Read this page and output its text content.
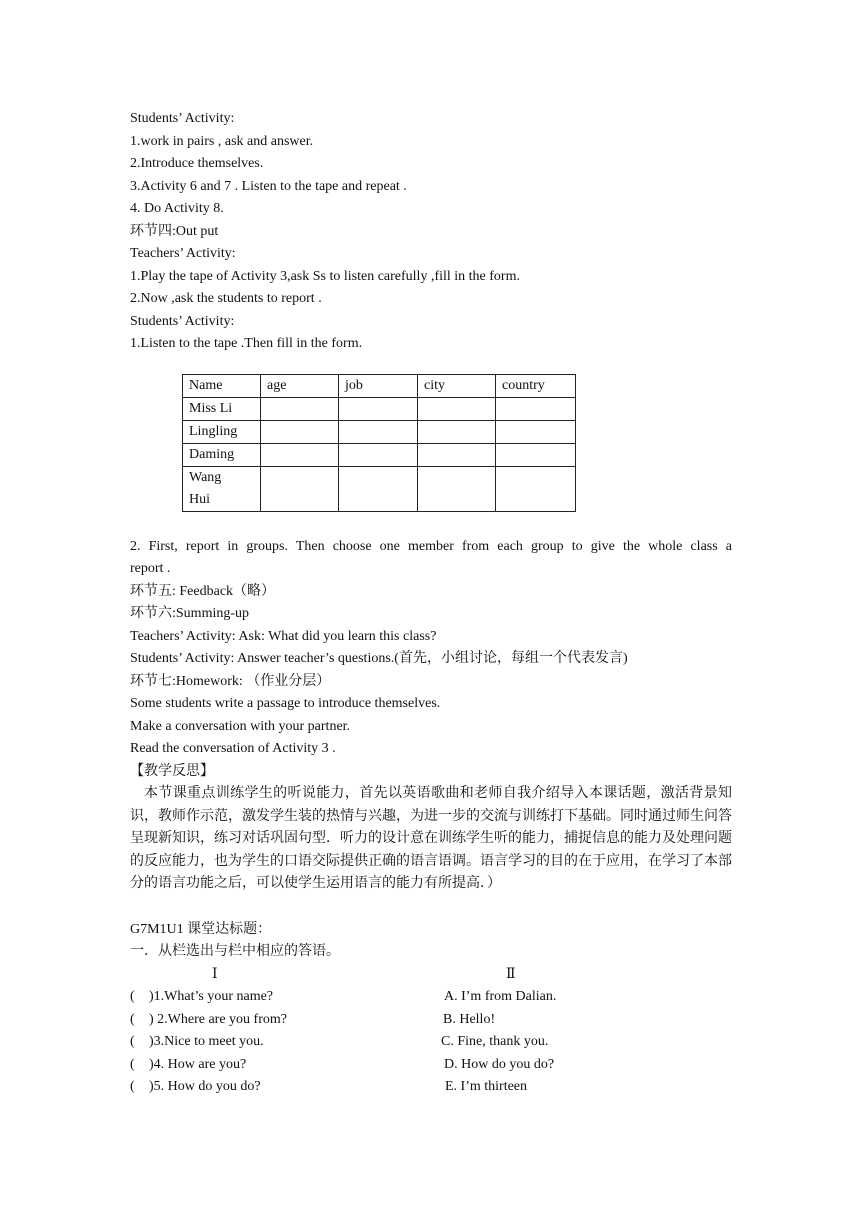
Students’ Activity:
1.work in pairs , ask and answer.
2.Introduce themselves.
3.Activity 6 and 7 . Listen to the tape and repeat .
4. Do Activity 8.
环节四:Out put
Teachers’ Activity:
1.Play the tape of Activity 3,ask Ss to listen carefully ,fill in the form.
2.Now ,ask the students to report .
Students’ Activity:
1.Listen to the tape .Then fill in the form.
Name	age	job	city	country
Miss Li				
Lingling				
Daming				

Wang Hui				

2. First, report in groups. Then choose one member from each group to give the whole class a
report .
环节五: Feedback（略）
环节六:Summing-up
Teachers’ Activity: Ask: What did you learn this class?
Students’ Activity: Answer teacher’s questions.(首先，小组讨论，每组一个代表发言)
环节七:Homework: （作业分层）
Some students write a passage to introduce themselves.
Make a conversation with your partner.
Read the conversation of Activity 3 .
【教学反思】

本节课重点训练学生的听说能力，首先以英语歌曲和老师自我介绍导入本课话题，激活背景知识，教师作示范，激发学生装的热情与兴趣，为进一步的交流与训练打下基础。同时通过师生问答呈现新知识，练习对话巩固句型．听力的设计意在训练学生听的能力，捕捉信息的能力及处理问题的反应能力，也为学生的口语交际提供正确的语言语调。语言学习的目的在于应用，在学习了本部分的语言功能之后，可以使学生运用语言的能力有所提高．）

G7M1U1 课堂达标题：
一．从栏选出与栏中相应的答语。
Ⅰ	Ⅱ
( )1.What’s your name?	A. I’m from Dalian.
( ) 2.Where are you from?	B. Hello!
( )3.Nice to meet you.	C. Fine, thank you.
( )4. How are you?	D. How do you do?
( )5. How do you do?	E. I’m thirteen
